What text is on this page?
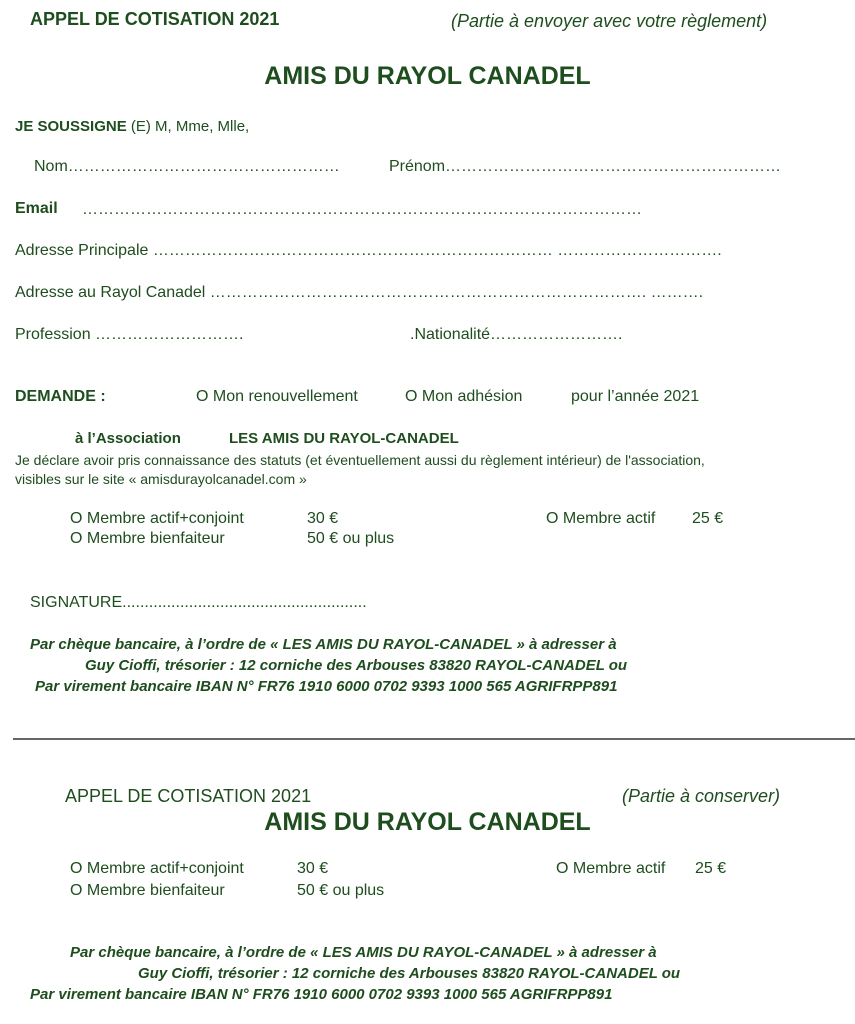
APPEL DE COTISATION 2021	(Partie à envoyer avec votre règlement)
AMIS DU RAYOL CANADEL
JE SOUSSIGNE (E) M, Mme, Mlle,
Nom……………………………………………	Prénom………………………………………………………
Email ……………………………………………………………………………………………
Adresse Principale ………………………………………………………………… ………………………….
Adresse au Rayol Canadel ………………………………………………………………………. ……….
Profession ……………………….	.Nationalité…………………….
DEMANDE :	O Mon renouvellement	O Mon adhésion	pour l’année 2021
à l’Association	LES AMIS DU RAYOL-CANADEL
Je déclare avoir pris connaissance des statuts (et éventuellement aussi du règlement intérieur) de l'association,
visibles sur le site « amisdurayolcanadel.com »
O Membre actif+conjoint	30 €	O Membre actif 25 €
O Membre bienfaiteur	50 € ou plus
SIGNATURE.......................................................
Par chèque bancaire, à l’ordre de « LES AMIS DU RAYOL-CANADEL » à adresser à
Guy Cioffi, trésorier : 12 corniche des Arbouses 83820 RAYOL-CANADEL ou
Par virement bancaire IBAN N° FR76 1910 6000 0702 9393 1000 565 AGRIFRPP891
APPEL DE COTISATION 2021	(Partie à conserver)
AMIS DU RAYOL CANADEL
O Membre actif+conjoint	30 €	O Membre actif 25 €
O Membre bienfaiteur	50 € ou plus
Par chèque bancaire, à l’ordre de « LES AMIS DU RAYOL-CANADEL » à adresser à
Guy Cioffi, trésorier : 12 corniche des Arbouses 83820 RAYOL-CANADEL ou
Par virement bancaire IBAN N° FR76 1910 6000 0702 9393 1000 565 AGRIFRPP891
